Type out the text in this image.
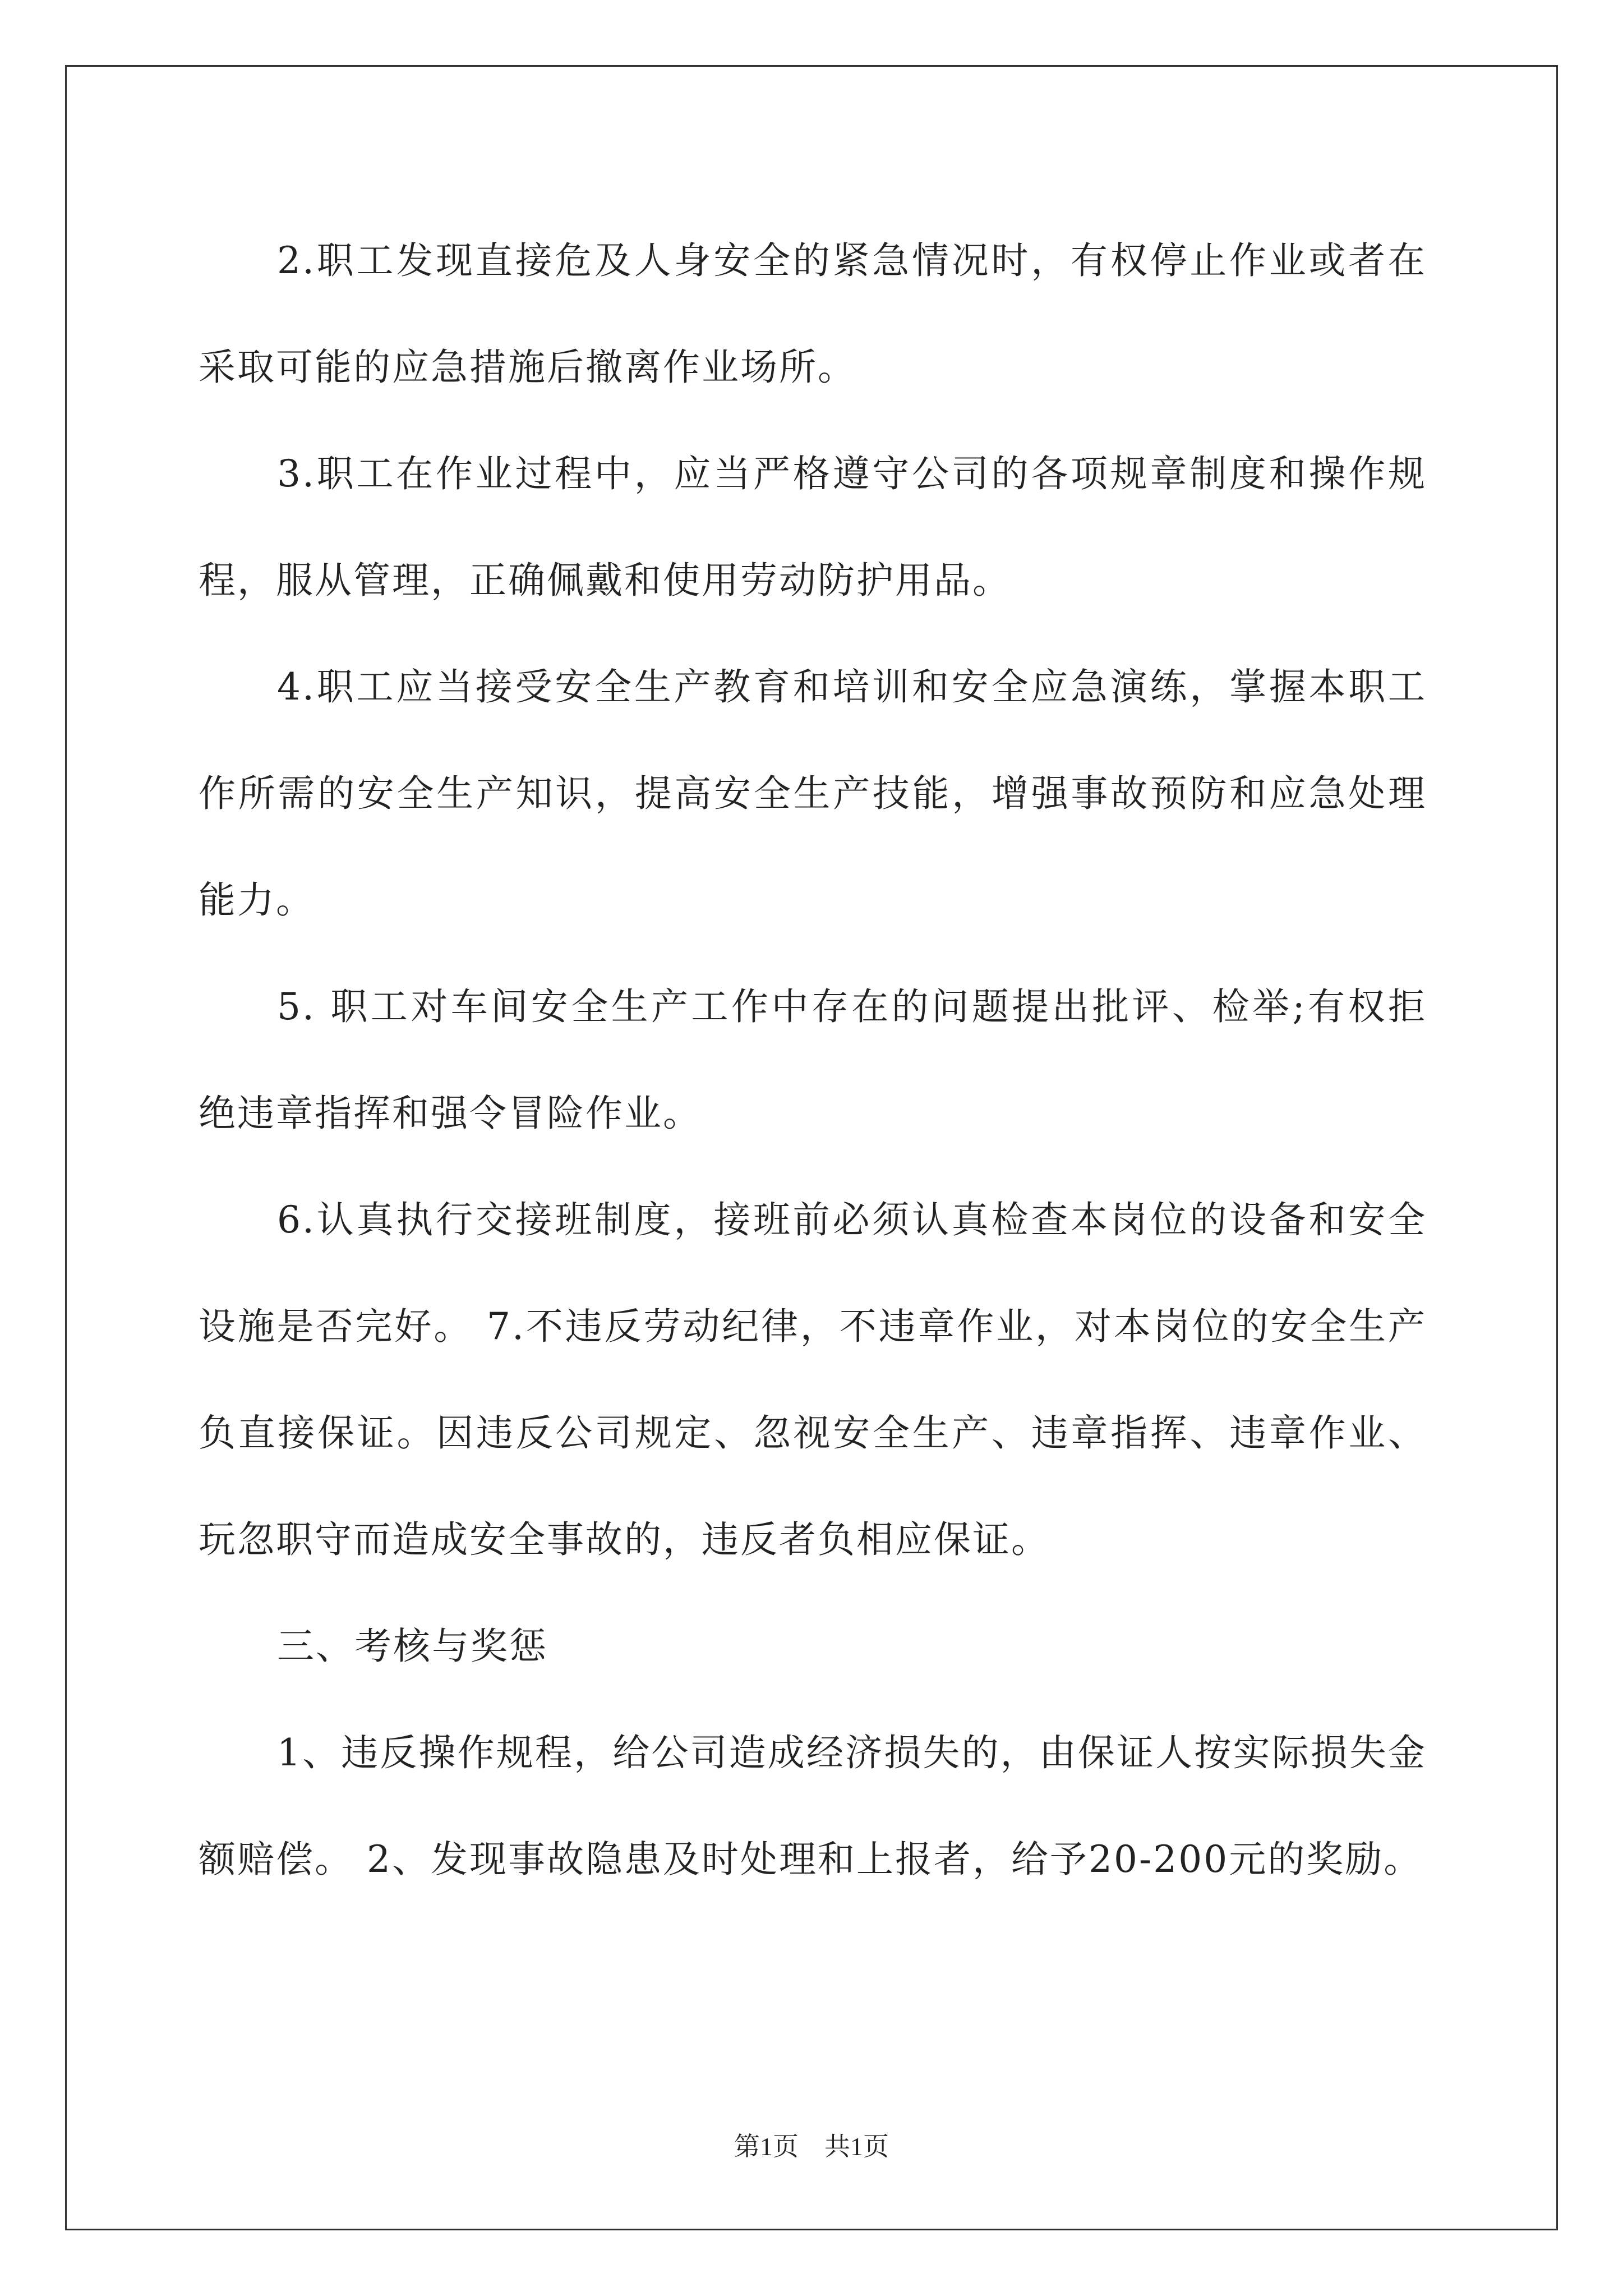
2.职工发现直接危及人身安全的紧急情况时，有权停止作业或者在采取可能的应急措施后撤离作业场所。

3.职工在作业过程中，应当严格遵守公司的各项规章制度和操作规程，服从管理，正确佩戴和使用劳动防护用品。

4.职工应当接受安全生产教育和培训和安全应急演练，掌握本职工作所需的安全生产知识，提高安全生产技能，增强事故预防和应急处理能力。

5. 职工对车间安全生产工作中存在的问题提出批评、检举;有权拒绝违章指挥和强令冒险作业。

6.认真执行交接班制度，接班前必须认真检查本岗位的设备和安全设施是否完好。 7.不违反劳动纪律，不违章作业，对本岗位的安全生产负直接保证。因违反公司规定、忽视安全生产、违章指挥、违章作业、玩忽职守而造成安全事故的，违反者负相应保证。

三、考核与奖惩

1、违反操作规程，给公司造成经济损失的，由保证人按实际损失金额赔偿。 2、发现事故隐患及时处理和上报者，给予20-200元的奖励。

第1页　共1页
